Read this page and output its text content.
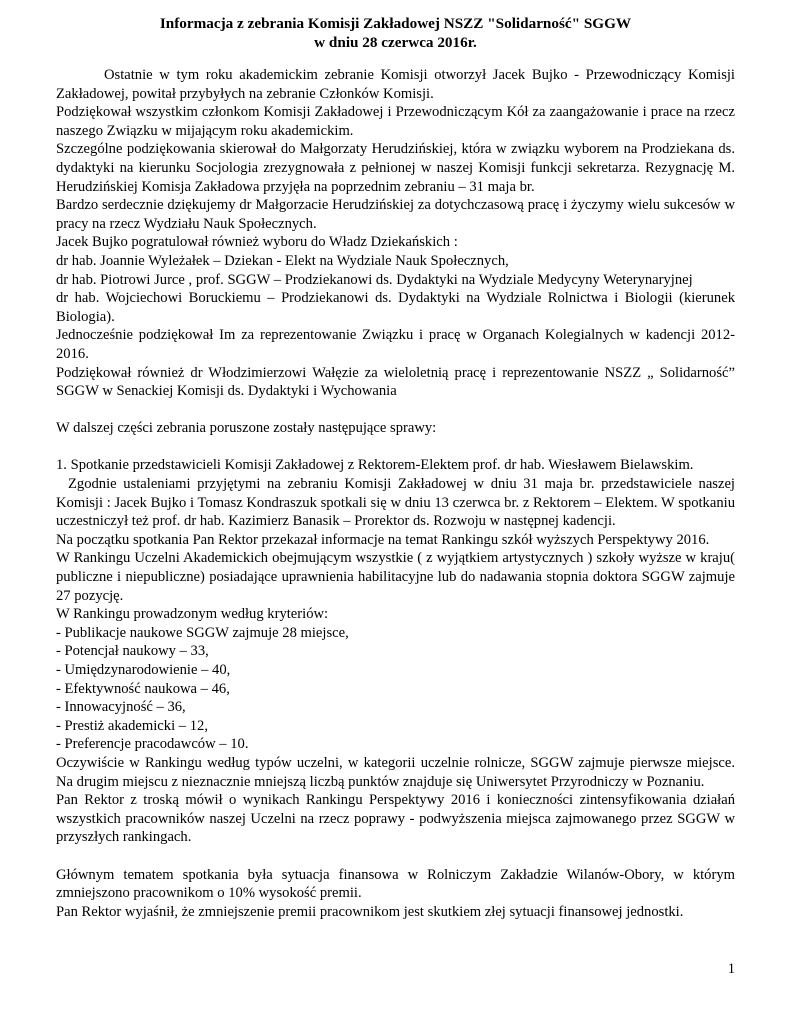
Informacja z zebrania Komisji Zakładowej NSZZ "Solidarność" SGGW
w dniu 28 czerwca 2016r.

Ostatnie w tym roku akademickim zebranie Komisji otworzył Jacek Bujko - Przewodniczący Komisji Zakładowej, powitał przybyłych na zebranie Członków Komisji.

Podziękował wszystkim członkom Komisji Zakładowej i Przewodniczącym Kół za zaangażowanie i prace na rzecz naszego Związku w mijającym roku akademickim.

Szczególne podziękowania skierował do Małgorzaty Herudzińskiej, która w związku wyborem na Prodziekana ds. dydaktyki na kierunku Socjologia zrezygnowała z pełnionej w naszej Komisji funkcji sekretarza. Rezygnację M. Herudzińskiej Komisja Zakładowa przyjęła na poprzednim zebraniu – 31 maja br.

Bardzo serdecznie dziękujemy dr Małgorzacie Herudzińskiej za dotychczasową pracę i życzymy wielu sukcesów w pracy na rzecz Wydziału Nauk Społecznych.

Jacek Bujko pogratulował również wyboru do Władz Dziekańskich :

dr hab. Joannie Wyleżałek – Dziekan - Elekt na Wydziale Nauk Społecznych,

dr hab. Piotrowi Jurce , prof. SGGW – Prodziekanowi ds. Dydaktyki na Wydziale Medycyny Weterynaryjnej

dr hab. Wojciechowi Boruckiemu – Prodziekanowi ds. Dydaktyki na Wydziale Rolnictwa i Biologii (kierunek Biologia).

Jednocześnie podziękował Im za reprezentowanie Związku i pracę w Organach Kolegialnych w kadencji 2012-2016.

Podziękował również dr Włodzimierzowi Wałęzie za wieloletnią pracę i reprezentowanie NSZZ „ Solidarność” SGGW w Senackiej Komisji ds. Dydaktyki i Wychowania

W dalszej części zebrania poruszone zostały następujące sprawy:

1. Spotkanie przedstawicieli Komisji Zakładowej z Rektorem-Elektem prof. dr hab. Wiesławem Bielawskim.

Zgodnie ustaleniami przyjętymi na zebraniu Komisji Zakładowej w dniu 31 maja br. przedstawiciele naszej Komisji : Jacek Bujko i Tomasz Kondraszuk spotkali się w dniu 13 czerwca br. z Rektorem – Elektem. W spotkaniu uczestniczył też prof. dr hab. Kazimierz Banasik – Prorektor ds. Rozwoju w następnej kadencji.

Na początku spotkania Pan Rektor przekazał informacje na temat Rankingu szkół wyższych Perspektywy 2016.

W Rankingu Uczelni Akademickich obejmującym wszystkie ( z wyjątkiem artystycznych ) szkoły wyższe w kraju( publiczne i niepubliczne) posiadające uprawnienia habilitacyjne lub do nadawania stopnia doktora SGGW zajmuje 27 pozycję.

W Rankingu prowadzonym według kryteriów:

- Publikacje naukowe SGGW zajmuje 28 miejsce,
- Potencjał naukowy – 33,
- Umiędzynarodowienie – 40,
- Efektywność naukowa – 46,
- Innowacyjność – 36,
- Prestiż akademicki – 12,
- Preferencje pracodawców – 10.

Oczywiście w Rankingu według typów uczelni, w kategorii uczelnie rolnicze, SGGW zajmuje pierwsze miejsce. Na drugim miejscu z nieznacznie mniejszą liczbą punktów znajduje się Uniwersytet Przyrodniczy w Poznaniu.

Pan Rektor z troską mówił o wynikach Rankingu Perspektywy 2016 i konieczności zintensyfikowania działań wszystkich pracowników naszej Uczelni na rzecz poprawy - podwyższenia miejsca zajmowanego przez SGGW w przyszłych rankingach.

Głównym tematem spotkania była sytuacja finansowa w Rolniczym Zakładzie Wilanów-Obory, w którym zmniejszono pracownikom o 10% wysokość premii.

Pan Rektor wyjaśnił, że zmniejszenie premii pracownikom jest skutkiem złej sytuacji finansowej jednostki.

1
